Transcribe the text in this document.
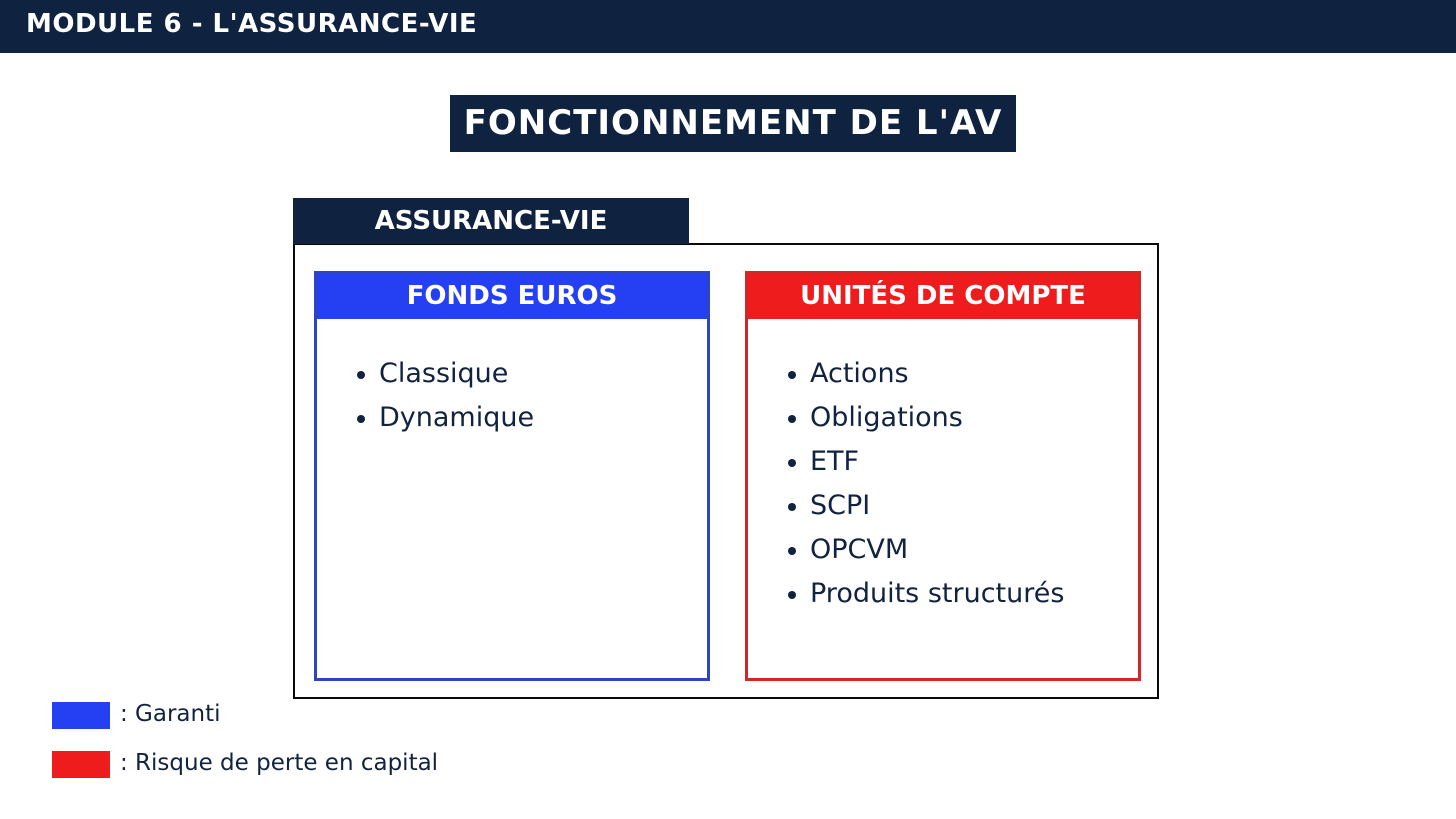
MODULE 6 - L'ASSURANCE-VIE
FONCTIONNEMENT DE L'AV
ASSURANCE-VIE
FONDS EUROS
Classique
Dynamique
UNITÉS DE COMPTE
Actions
Obligations
ETF
SCPI
OPCVM
Produits structurés
: Garanti
: Risque de perte en capital
